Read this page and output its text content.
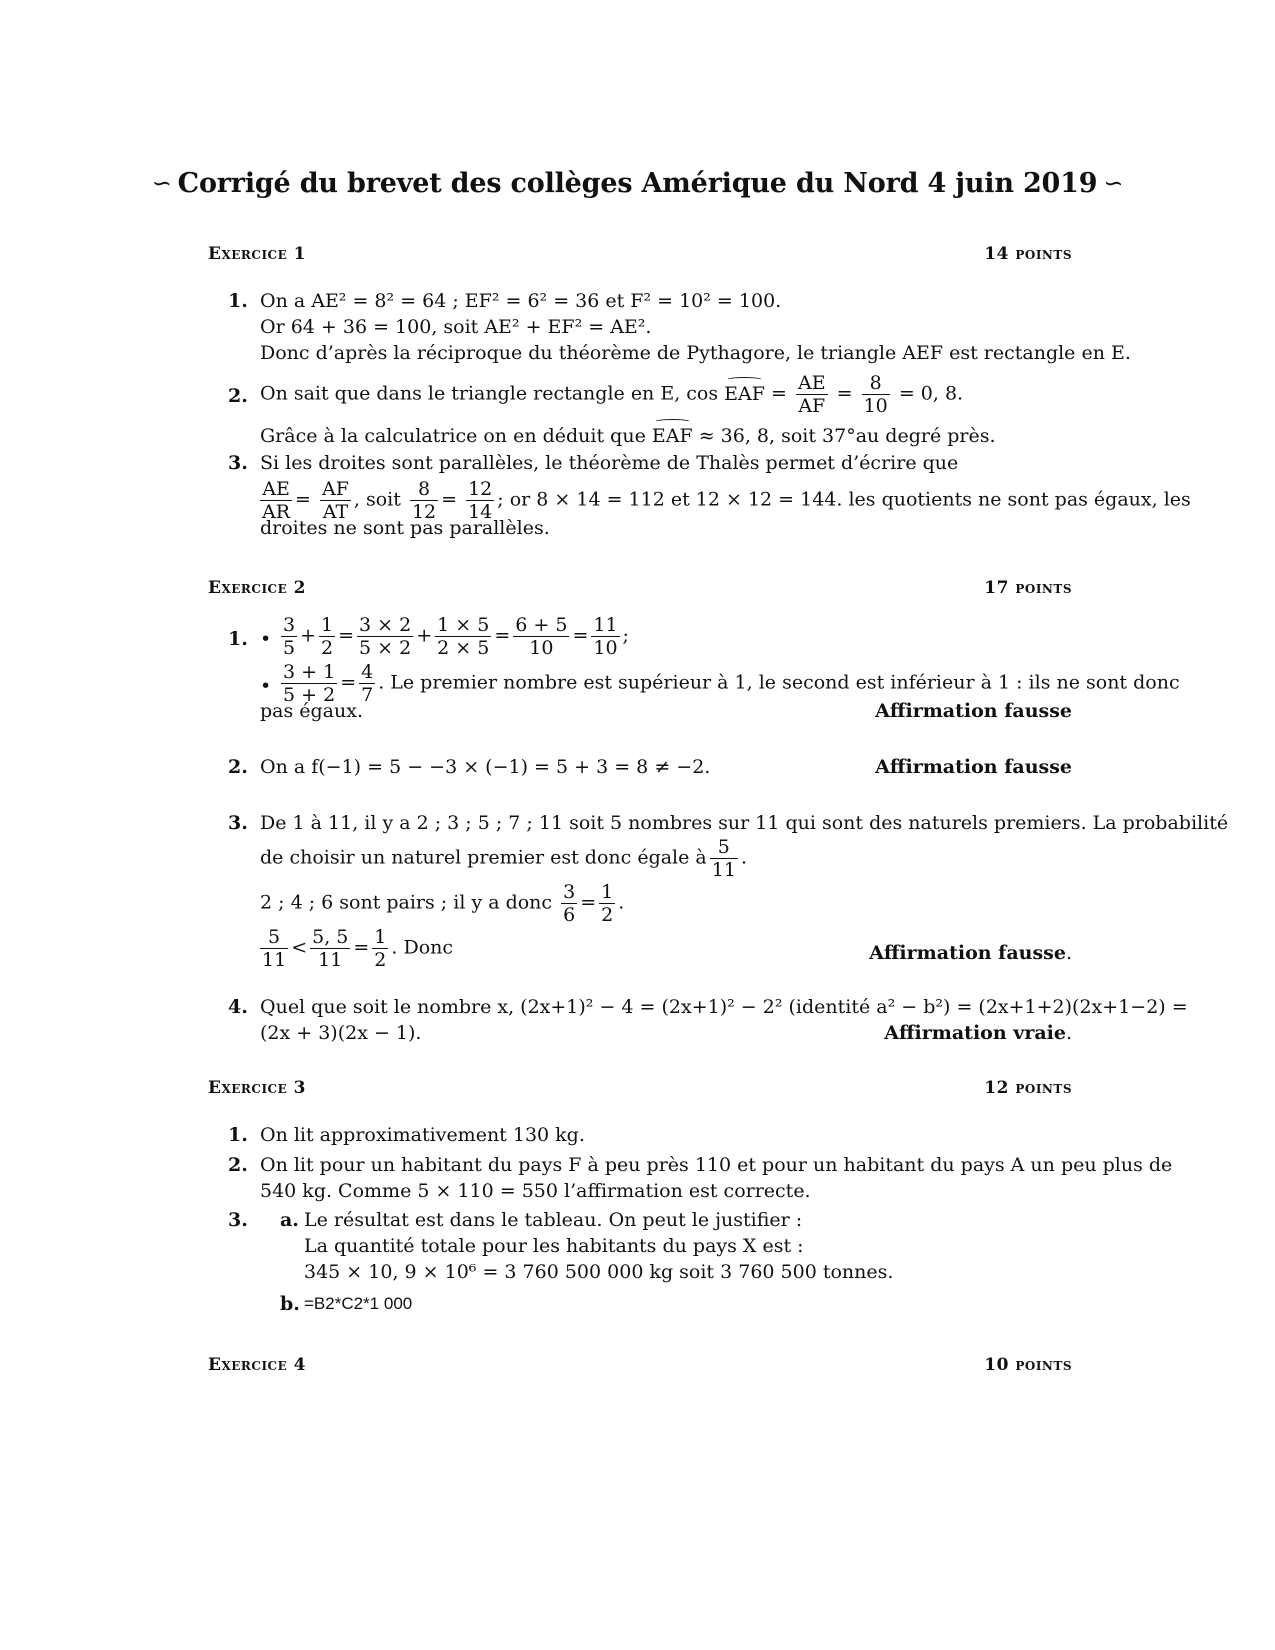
∽ Corrigé du brevet des collèges Amérique du Nord 4 juin 2019 ∽
Exercice 1	14 points
1. On a AE² = 8² = 64 ; EF² = 6² = 36 et F² = 10² = 100.
Or 64 + 36 = 100, soit AE² + EF² = AE².
Donc d’après la réciproque du théorème de Pythagore, le triangle AEF est rectangle en E.
2. On sait que dans le triangle rectangle en E, cos EAF = $\frac{AE}{AF} = \frac{8}{10} = 0$, 8.
Grâce à la calculatrice on en déduit que EAF ≈ 36, 8, soit 37°au degré près.
3. Si les droites sont parallèles, le théorème de Thalès permet d’écrire que
$\frac{AE}{AR} = \frac{AF}{AT}$ , soit $\frac{8}{12} = \frac{12}{14}$ ; or 8 × 14 = 112 et 12 × 12 = 144. les quotients ne sont pas égaux, les
droites ne sont pas parallèles.
Exercice 2	17 points
1. • $\frac{3}{5} + \frac{1}{2} = \frac{3 \times 2}{5 \times 2} + \frac{1 \times 5}{2 \times 5} = \frac{6 + 5}{10} = \frac{11}{10}$ ;
• $\frac{3 + 1}{5 + 2} = \frac{4}{7}$ . Le premier nombre est supérieur à 1, le second est inférieur à 1 : ils ne sont donc
pas égaux.	Affirmation fausse
2. On a f(−1) = 5 − −3 × (−1) = 5 + 3 = 8 ≠ −2.	Affirmation fausse
3. De 1 à 11, il y a 2 ; 3 ; 5 ; 7 ; 11 soit 5 nombres sur 11 qui sont des naturels premiers. La probabilité
de choisir un naturel premier est donc égale à $\frac{5}{11}$ .
2 ; 4 ; 6 sont pairs ; il y a donc $\frac{3}{6} = \frac{1}{2}$ .
$\frac{5}{11} < \frac{5, 5}{11} = \frac{1}{2}$ . Donc	Affirmation fausse.
4. Quel que soit le nombre x, (2x+1)² − 4 = (2x+1)² − 2² (identité a² − b²) = (2x+1+2)(2x+1−2) =
(2x + 3)(2x − 1).	Affirmation vraie.
Exercice 3	12 points
1. On lit approximativement 130 kg.
2. On lit pour un habitant du pays F à peu près 110 et pour un habitant du pays A un peu plus de
540 kg. Comme 5 × 110 = 550 l’affirmation est correcte.
3. a. Le résultat est dans le tableau. On peut le justifier :
La quantité totale pour les habitants du pays X est :
345 × 10, 9 × 10⁶ = 3 760 500 000 kg soit 3 760 500 tonnes.
b. =B2*C2*1 000
Exercice 4	10 points
